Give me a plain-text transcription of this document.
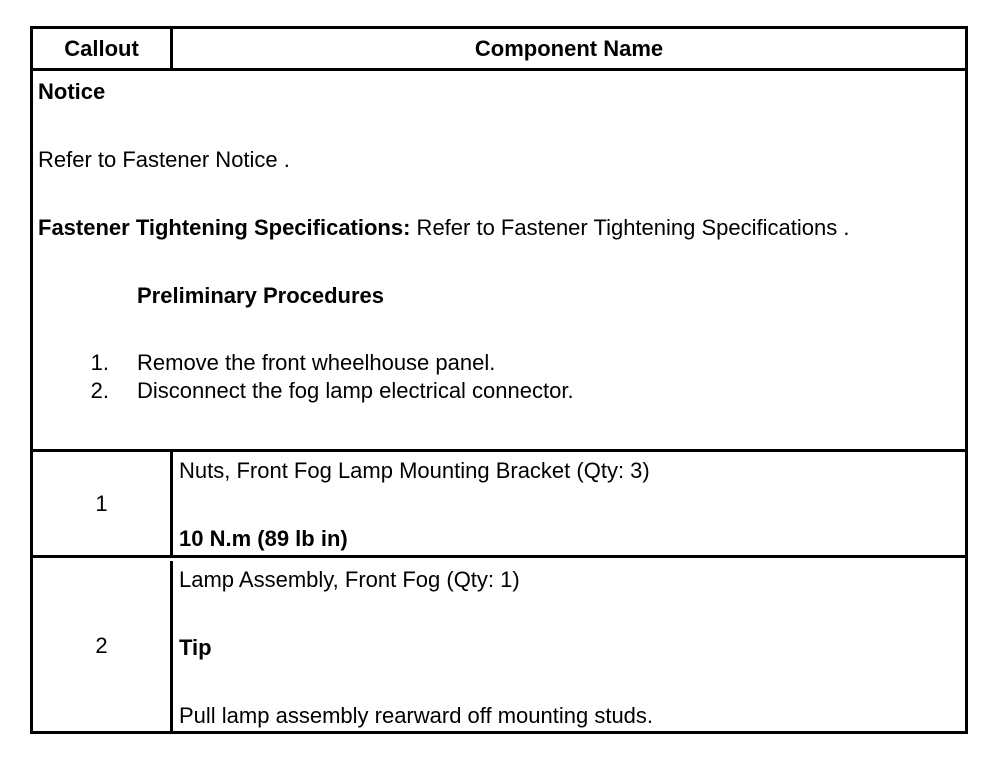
Callout	Component Name
Notice
Refer to Fastener Notice .
Fastener Tightening Specifications: Refer to Fastener Tightening Specifications .
Preliminary Procedures
1. Remove the front wheelhouse panel.
2. Disconnect the fog lamp electrical connector.
1
Nuts, Front Fog Lamp Mounting Bracket (Qty: 3)
10 N.m (89 lb in)
2
Lamp Assembly, Front Fog (Qty: 1)
Tip
Pull lamp assembly rearward off mounting studs.
